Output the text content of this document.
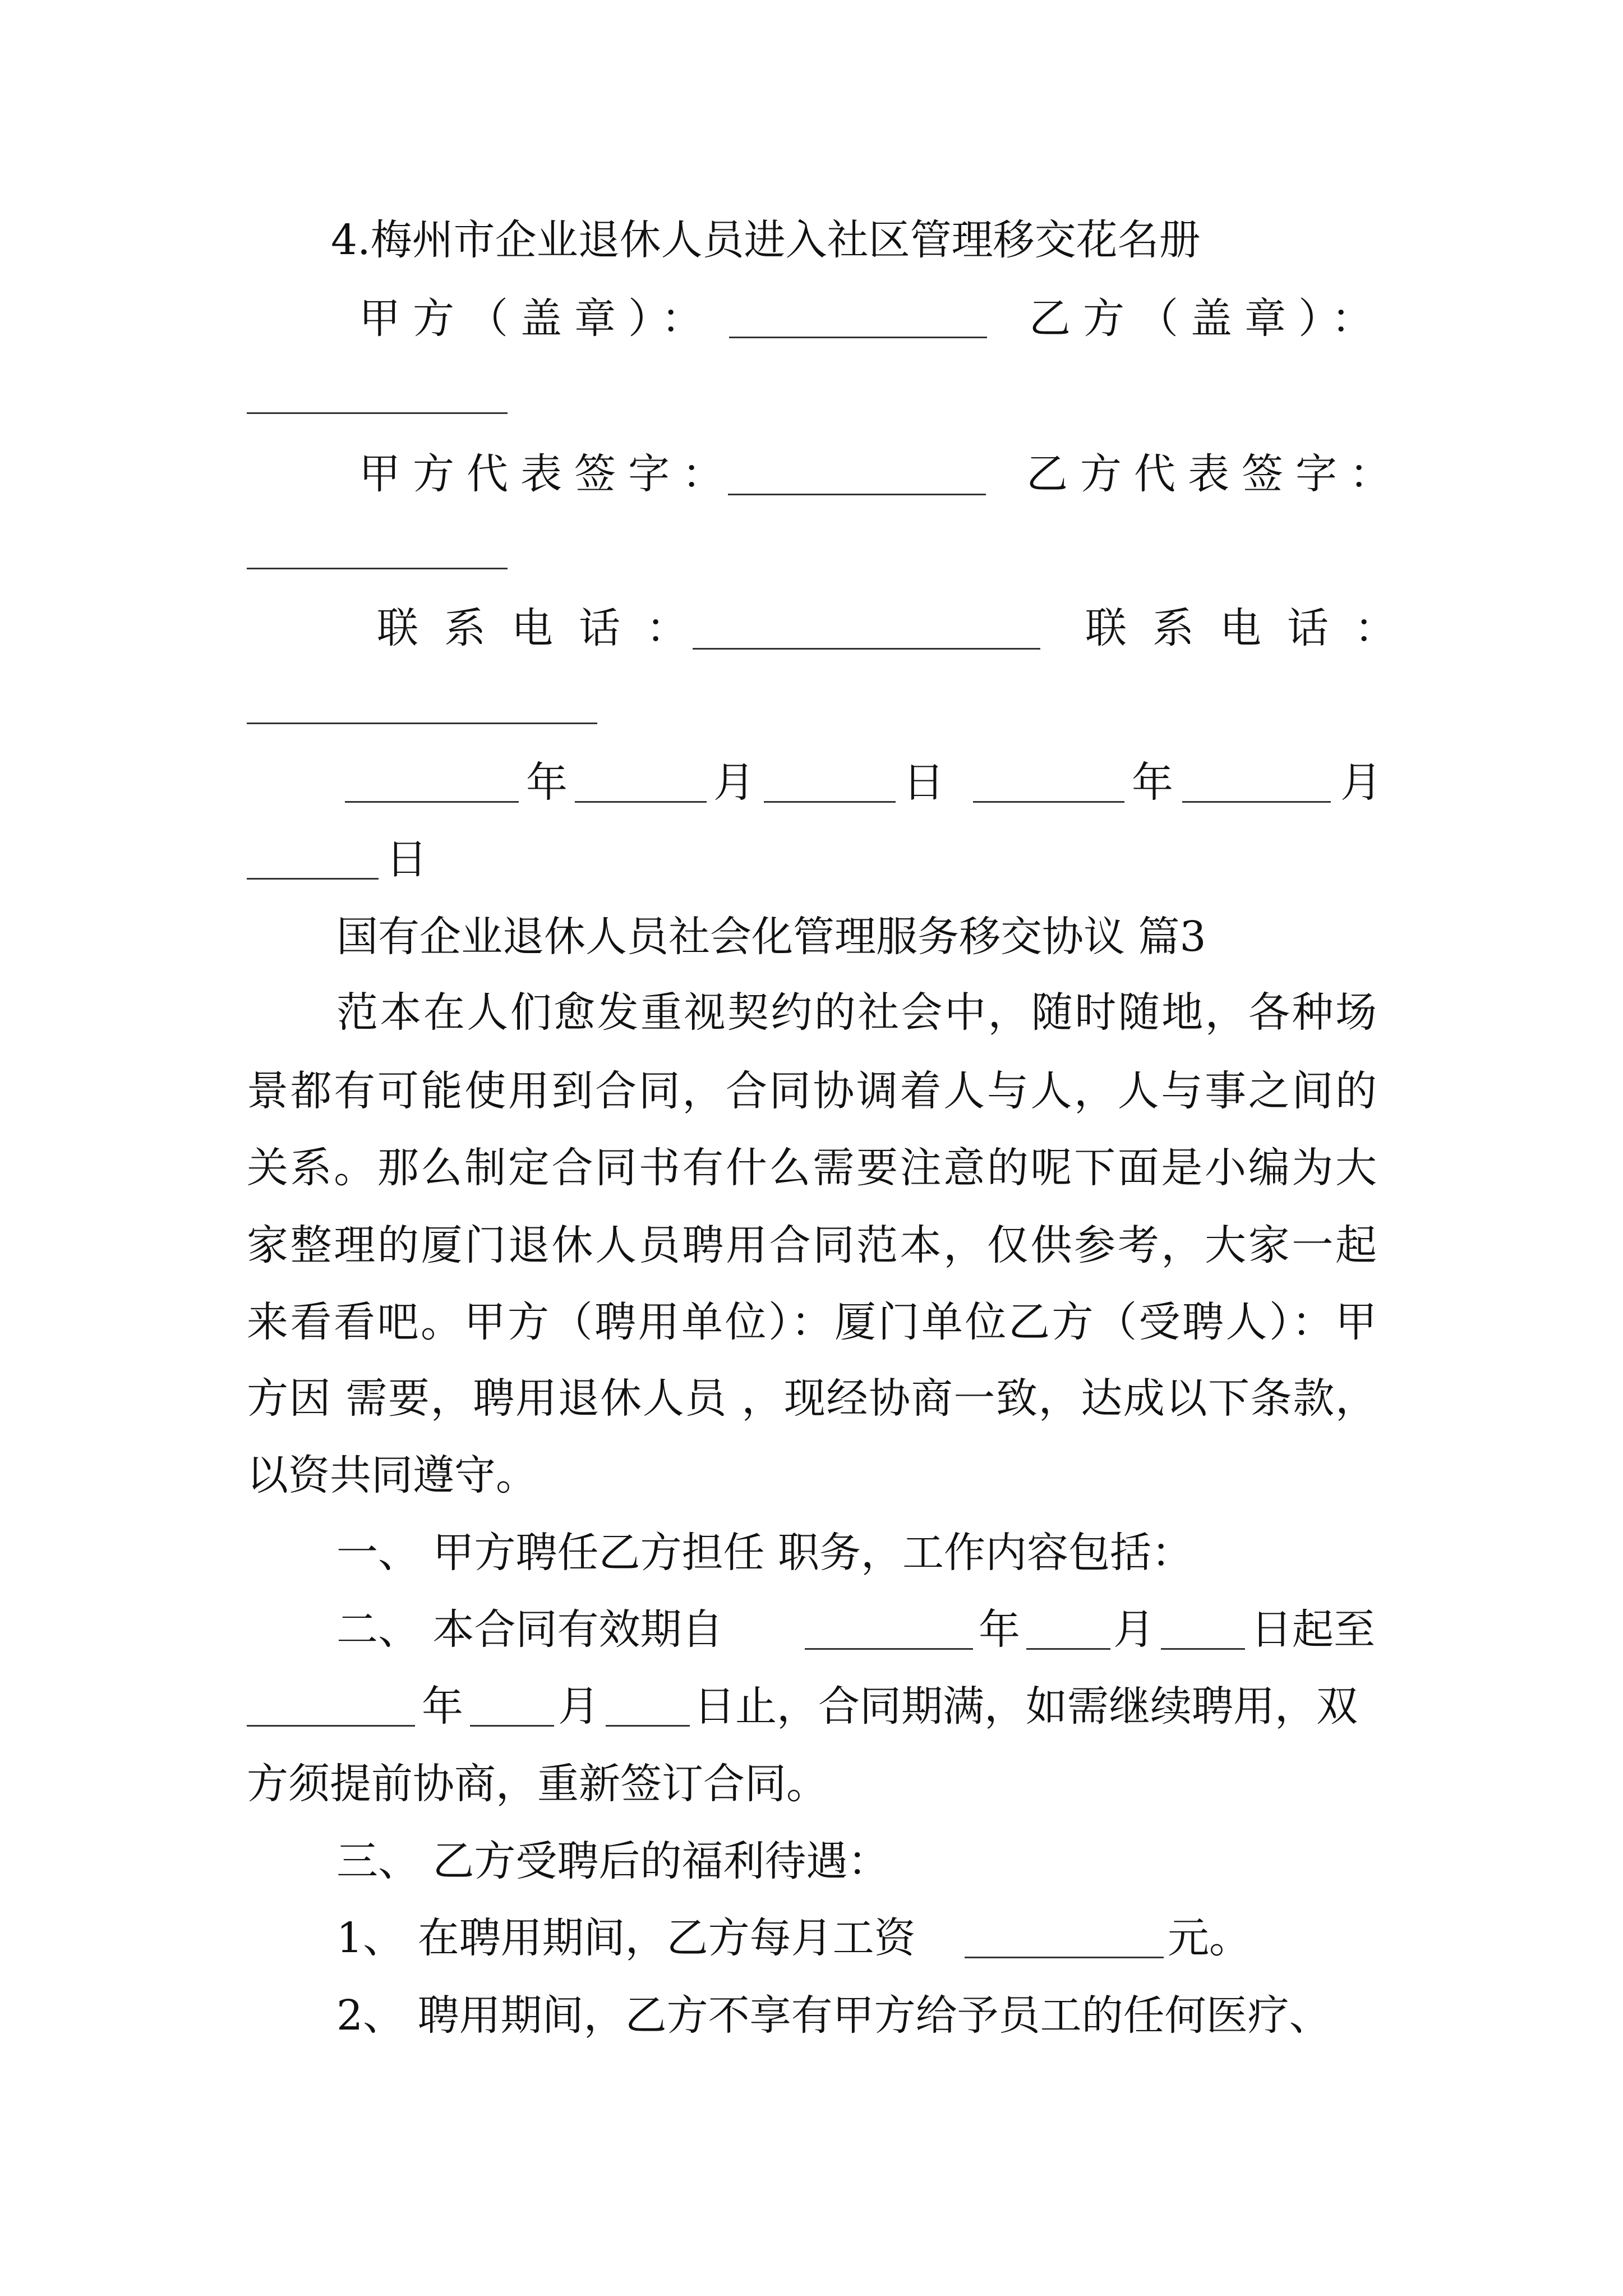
4.梅州市企业退休人员进入社区管理移交花名册
甲方（盖章）：	乙方（盖章）：
甲方代表签字：	乙方代表签字：
联系电话：	联系电话：
年	月	日	年	月
日
国有企业退休人员社会化管理服务移交协议 篇3
范本在人们愈发重视契约的社会中，随时随地，各种场
景都有可能使用到合同，合同协调着人与人，人与事之间的
关系。那么制定合同书有什么需要注意的呢下面是小编为大
家整理的厦门退休人员聘用合同范本，仅供参考，大家一起
来看看吧。甲方（聘用单位）：厦门单位乙方（受聘人）：甲
方因 需要，聘用退休人员 ，现经协商一致，达成以下条款，
以资共同遵守。
一、 甲方聘任乙方担任 职务，工作内容包括：
二、 本合同有效期自	年 月 日起至
年 月 日止，合同期满，如需继续聘用，双
方须提前协商，重新签订合同。
三、 乙方受聘后的福利待遇：
1、 在聘用期间，乙方每月工资	元。
2、 聘用期间，乙方不享有甲方给予员工的任何医疗、
